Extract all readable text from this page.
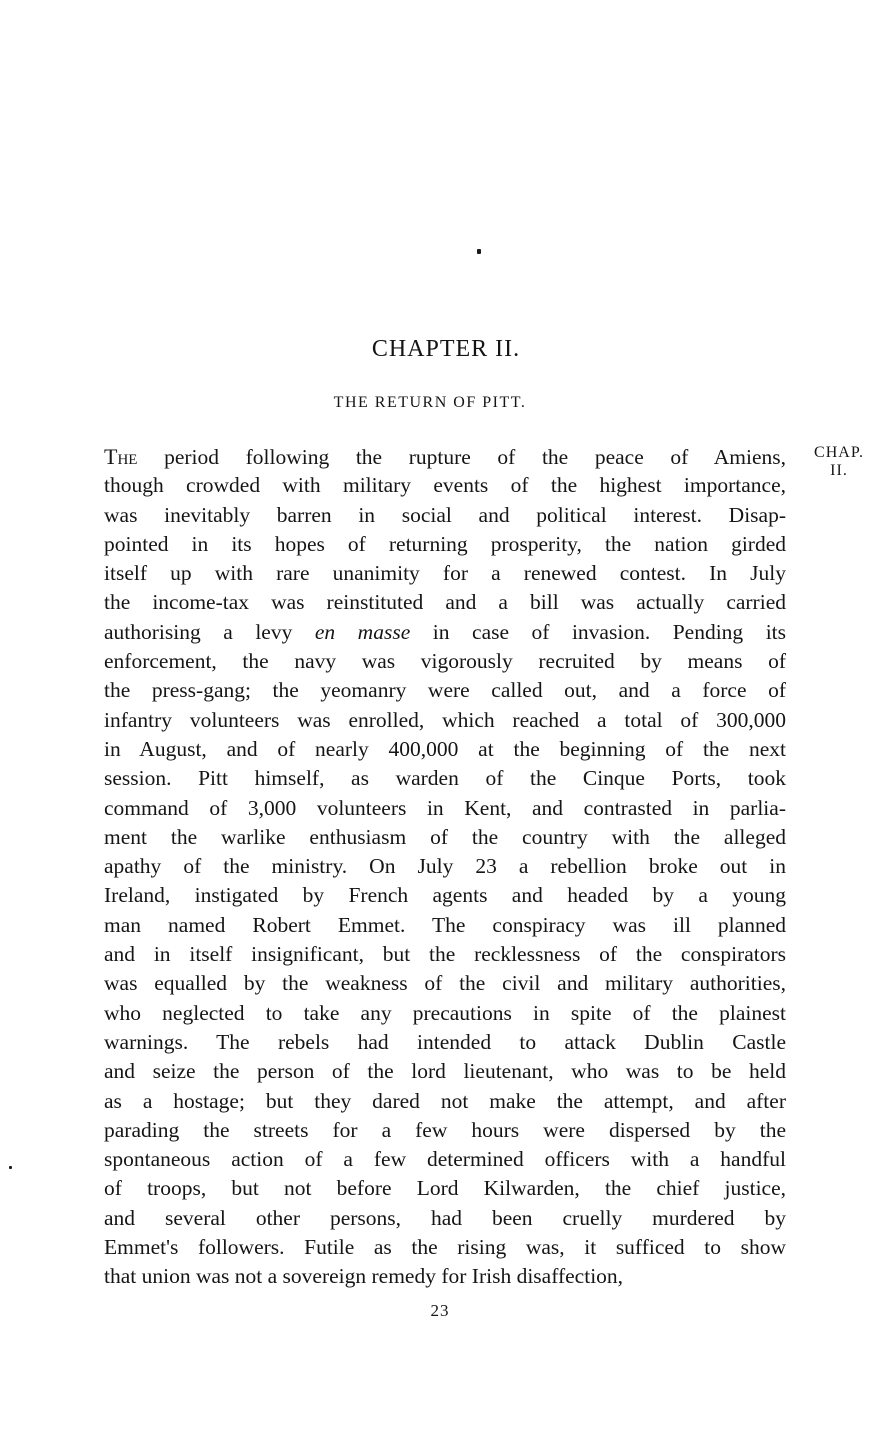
CHAPTER II.
THE RETURN OF PITT.
CHAP.
II.
The period following the rupture of the peace of Amiens,
though crowded with military events of the highest importance,
was inevitably barren in social and political interest. Disap-
pointed in its hopes of returning prosperity, the nation girded
itself up with rare unanimity for a renewed contest. In July
the income-tax was reinstituted and a bill was actually carried
authorising a levy en masse in case of invasion. Pending its
enforcement, the navy was vigorously recruited by means of
the press-gang; the yeomanry were called out, and a force of
infantry volunteers was enrolled, which reached a total of 300,000
in August, and of nearly 400,000 at the beginning of the next
session. Pitt himself, as warden of the Cinque Ports, took
command of 3,000 volunteers in Kent, and contrasted in parlia-
ment the warlike enthusiasm of the country with the alleged
apathy of the ministry. On July 23 a rebellion broke out in
Ireland, instigated by French agents and headed by a young
man named Robert Emmet. The conspiracy was ill planned
and in itself insignificant, but the recklessness of the conspirators
was equalled by the weakness of the civil and military authorities,
who neglected to take any precautions in spite of the plainest
warnings. The rebels had intended to attack Dublin Castle
and seize the person of the lord lieutenant, who was to be held
as a hostage; but they dared not make the attempt, and after
parading the streets for a few hours were dispersed by the
spontaneous action of a few determined officers with a handful
of troops, but not before Lord Kilwarden, the chief justice,
and several other persons, had been cruelly murdered by
Emmet's followers. Futile as the rising was, it sufficed to show
that union was not a sovereign remedy for Irish disaffection,
23
